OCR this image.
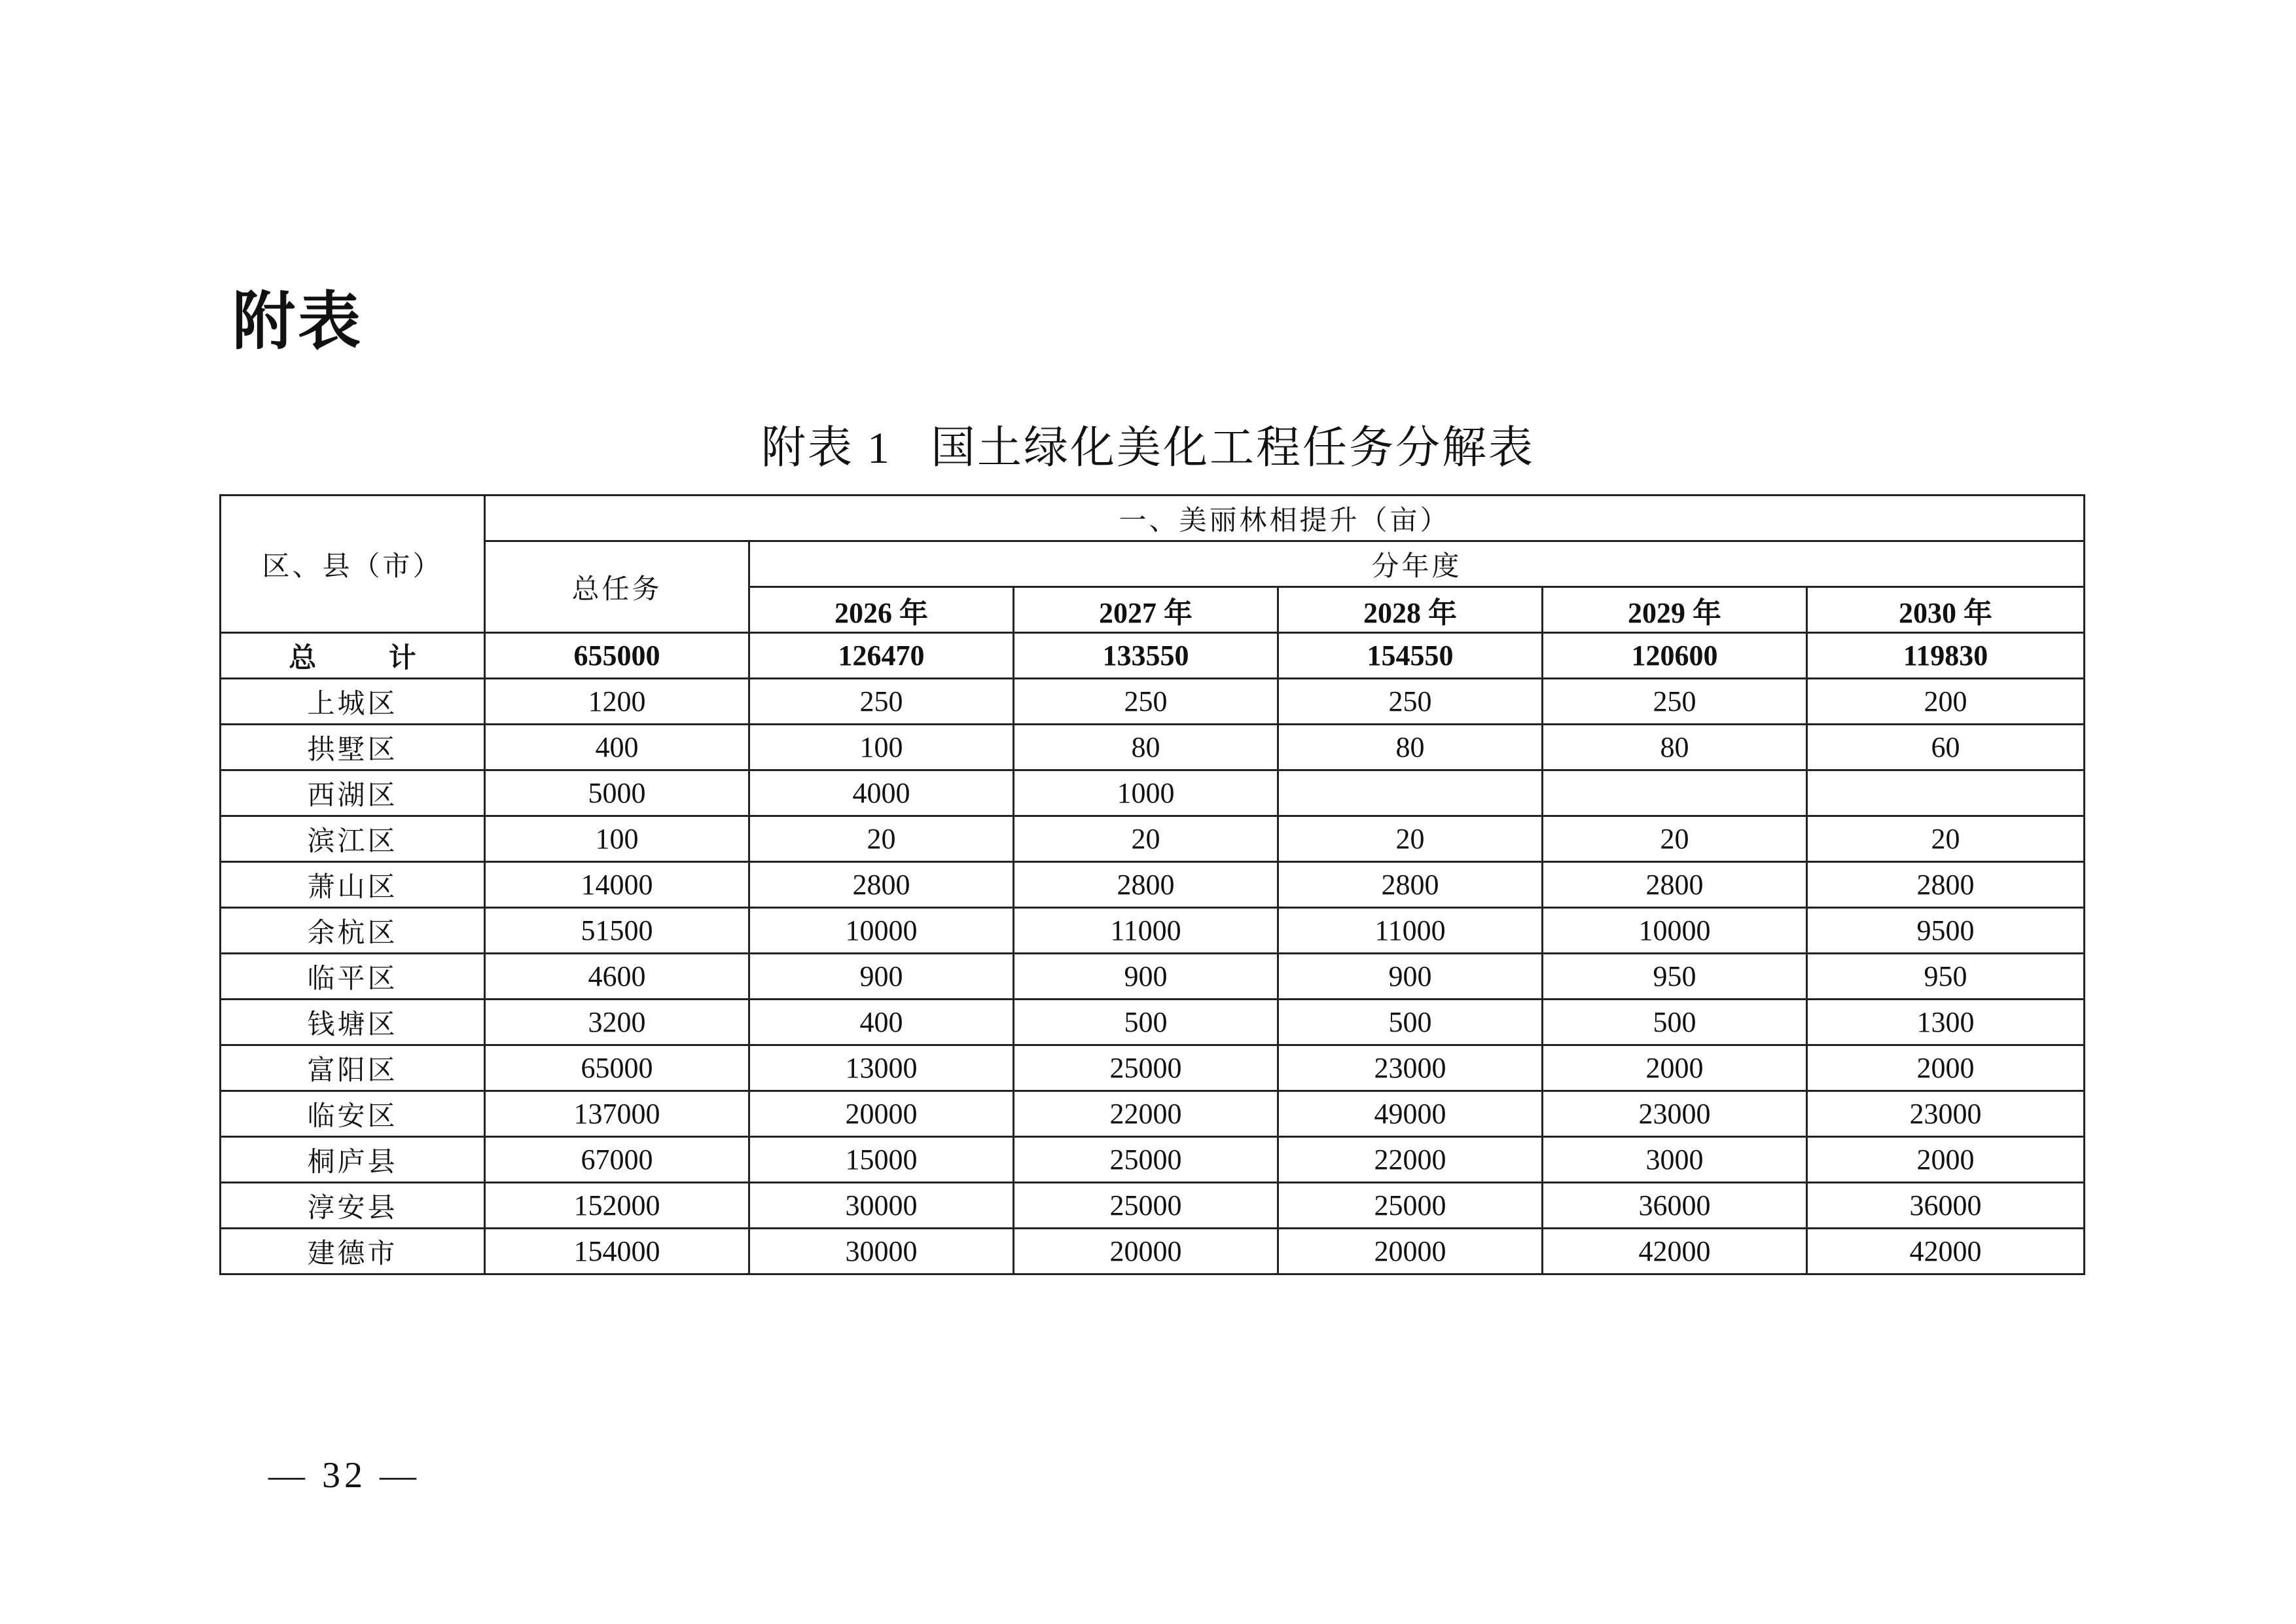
附表
附表 1 国土绿化美化工程任务分解表
区、县（市）	一、美丽林相提升（亩）					
	总任务	分年度				
		2026 年	2027 年	2028 年	2029 年	2030 年
总 计	655000	126470	133550	154550	120600	119830
上城区	1200	250	250	250	250	200
拱墅区	400	100	80	80	80	60
西湖区	5000	4000	1000			
滨江区	100	20	20	20	20	20
萧山区	14000	2800	2800	2800	2800	2800
余杭区	51500	10000	11000	11000	10000	9500
临平区	4600	900	900	900	950	950
钱塘区	3200	400	500	500	500	1300
富阳区	65000	13000	25000	23000	2000	2000
临安区	137000	20000	22000	49000	23000	23000
桐庐县	67000	15000	25000	22000	3000	2000
淳安县	152000	30000	25000	25000	36000	36000
建德市	154000	30000	20000	20000	42000	42000
— 32 —
